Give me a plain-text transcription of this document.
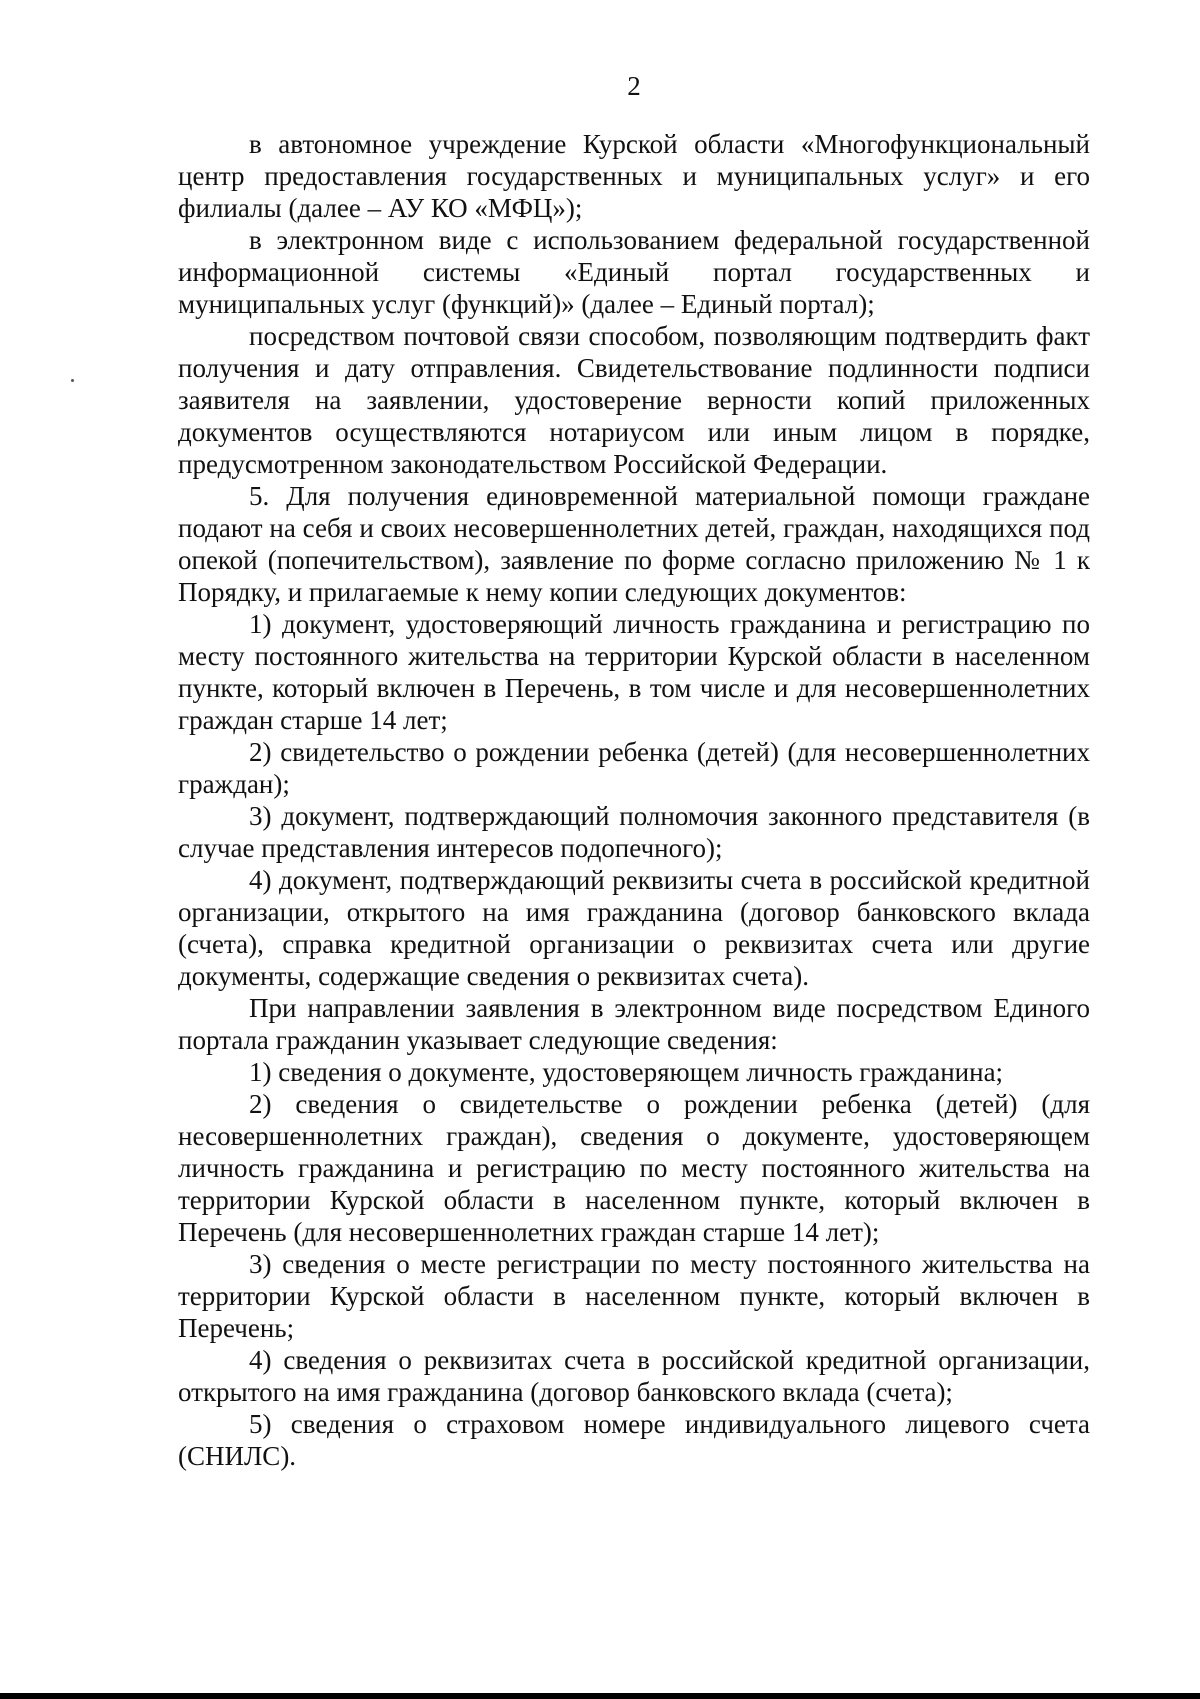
2

в автономное учреждение Курской области «Многофункциональный центр предоставления государственных и муниципальных услуг» и его филиалы (далее – АУ КО «МФЦ»);

в электронном виде с использованием федеральной государственной информационной системы «Единый портал государственных и муниципальных услуг (функций)» (далее – Единый портал);

посредством почтовой связи способом, позволяющим подтвердить факт получения и дату отправления. Свидетельствование подлинности подписи заявителя на заявлении, удостоверение верности копий приложенных документов осуществляются нотариусом или иным лицом в порядке, предусмотренном законодательством Российской Федерации.

5. Для получения единовременной материальной помощи граждане подают на себя и своих несовершеннолетних детей, граждан, находящихся под опекой (попечительством), заявление по форме согласно приложению № 1 к Порядку, и прилагаемые к нему копии следующих документов:

1) документ, удостоверяющий личность гражданина и регистрацию по месту постоянного жительства на территории Курской области в населенном пункте, который включен в Перечень, в том числе и для несовершеннолетних граждан старше 14 лет;

2) свидетельство о рождении ребенка (детей) (для несовершеннолетних граждан);

3) документ, подтверждающий полномочия законного представителя (в случае представления интересов подопечного);

4) документ, подтверждающий реквизиты счета в российской кредитной организации, открытого на имя гражданина (договор банковского вклада (счета), справка кредитной организации о реквизитах счета или другие документы, содержащие сведения о реквизитах счета).

При направлении заявления в электронном виде посредством Единого портала гражданин указывает следующие сведения:

1) сведения о документе, удостоверяющем личность гражданина;

2) сведения о свидетельстве о рождении ребенка (детей) (для несовершеннолетних граждан), сведения о документе, удостоверяющем личность гражданина и регистрацию по месту постоянного жительства на территории Курской области в населенном пункте, который включен в Перечень (для несовершеннолетних граждан старше 14 лет);

3) сведения о месте регистрации по месту постоянного жительства на территории Курской области в населенном пункте, который включен в Перечень;

4) сведения о реквизитах счета в российской кредитной организации, открытого на имя гражданина (договор банковского вклада (счета);

5) сведения о страховом номере индивидуального лицевого счета (СНИЛС).
